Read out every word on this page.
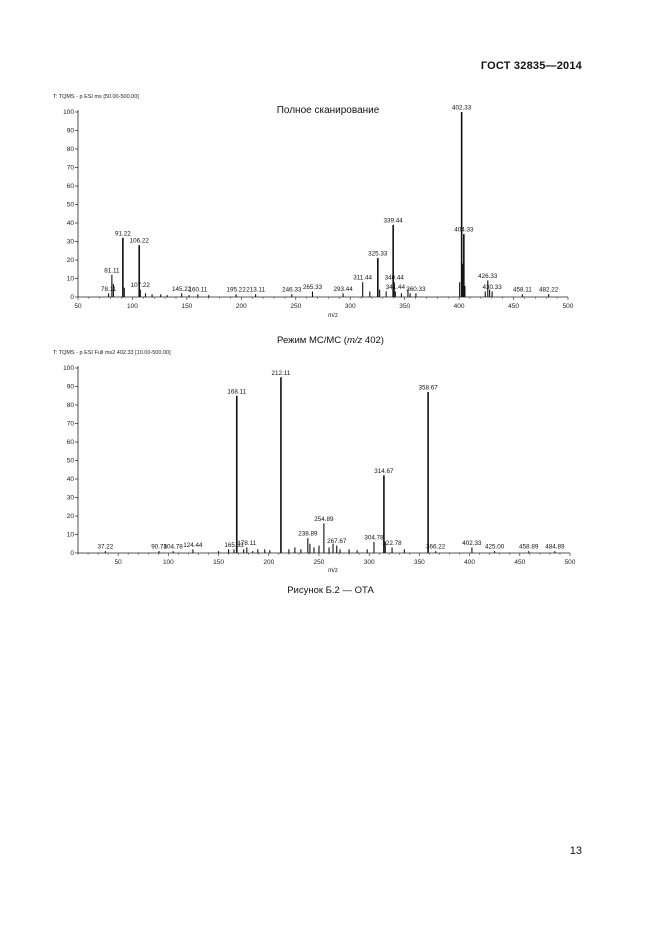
ГОСТ 32835—2014
T: TQMS - p ESI ms [50.00-500.00]
0
10
20
30
40
50
60
70
80
90
100
50	100	150	200	250	300	350	400	450	500
m/z
78.11
81.11
91.22
106.22
107.22
145.22
160.11	195.22 213.11	246.33 265.33 293.44
311.44
325.33
339.44
340.44
341.44 360.33
402.33
404.33
426.33
430.33 458.11 482.22
Полное сканирование
Режим МС/МС (m/z 402)
T: TQMS - p ESI Full ms2 402.33 [10.00-500.00]
0
10
20
30
40
50
60
70
80
90
100
50	100	150	200	250	300	350	400	450	500
m/z
37.22	90.78
104.78 124.44	165.33
168.11
178.11
212.11
238.89
254.89
267.67
304.78
314.67
322.78
358.67
366.22
402.33
425.00 458.89 484.89
Рисунок Б.2 — ОТА
13
